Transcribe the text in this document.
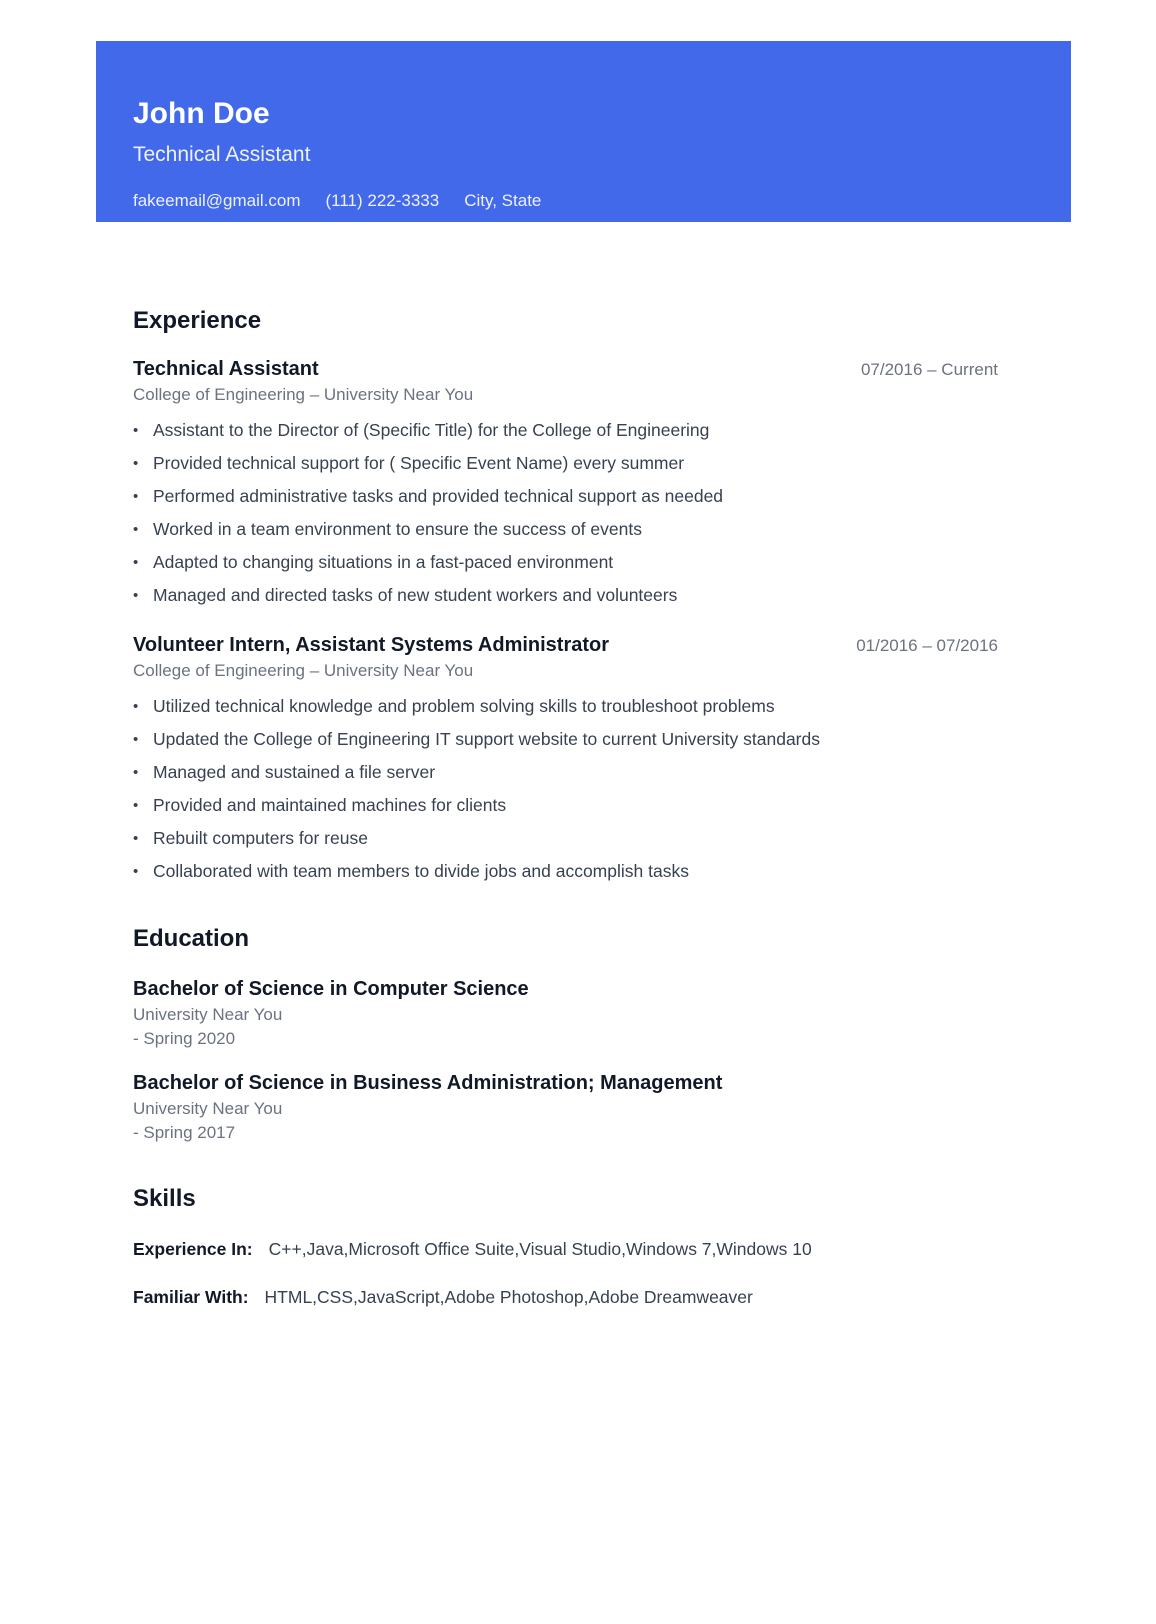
John Doe
Technical Assistant
fakeemail@gmail.com (111) 222-3333 City, State
Experience
Technical Assistant	07/2016 – Current
College of Engineering – University Near You
• Assistant to the Director of (Specific Title) for the College of Engineering
• Provided technical support for ( Specific Event Name) every summer
• Performed administrative tasks and provided technical support as needed
• Worked in a team environment to ensure the success of events
• Adapted to changing situations in a fast-paced environment
• Managed and directed tasks of new student workers and volunteers
Volunteer Intern, Assistant Systems Administrator	01/2016 – 07/2016
College of Engineering – University Near You
• Utilized technical knowledge and problem solving skills to troubleshoot problems
• Updated the College of Engineering IT support website to current University standards
• Managed and sustained a file server
• Provided and maintained machines for clients
• Rebuilt computers for reuse
• Collaborated with team members to divide jobs and accomplish tasks
Education
Bachelor of Science in Computer Science
University Near You
- Spring 2020
Bachelor of Science in Business Administration; Management
University Near You
- Spring 2017
Skills
Experience In: C++,Java,Microsoft Office Suite,Visual Studio,Windows 7,Windows 10
Familiar With: HTML,CSS,JavaScript,Adobe Photoshop,Adobe Dreamweaver
